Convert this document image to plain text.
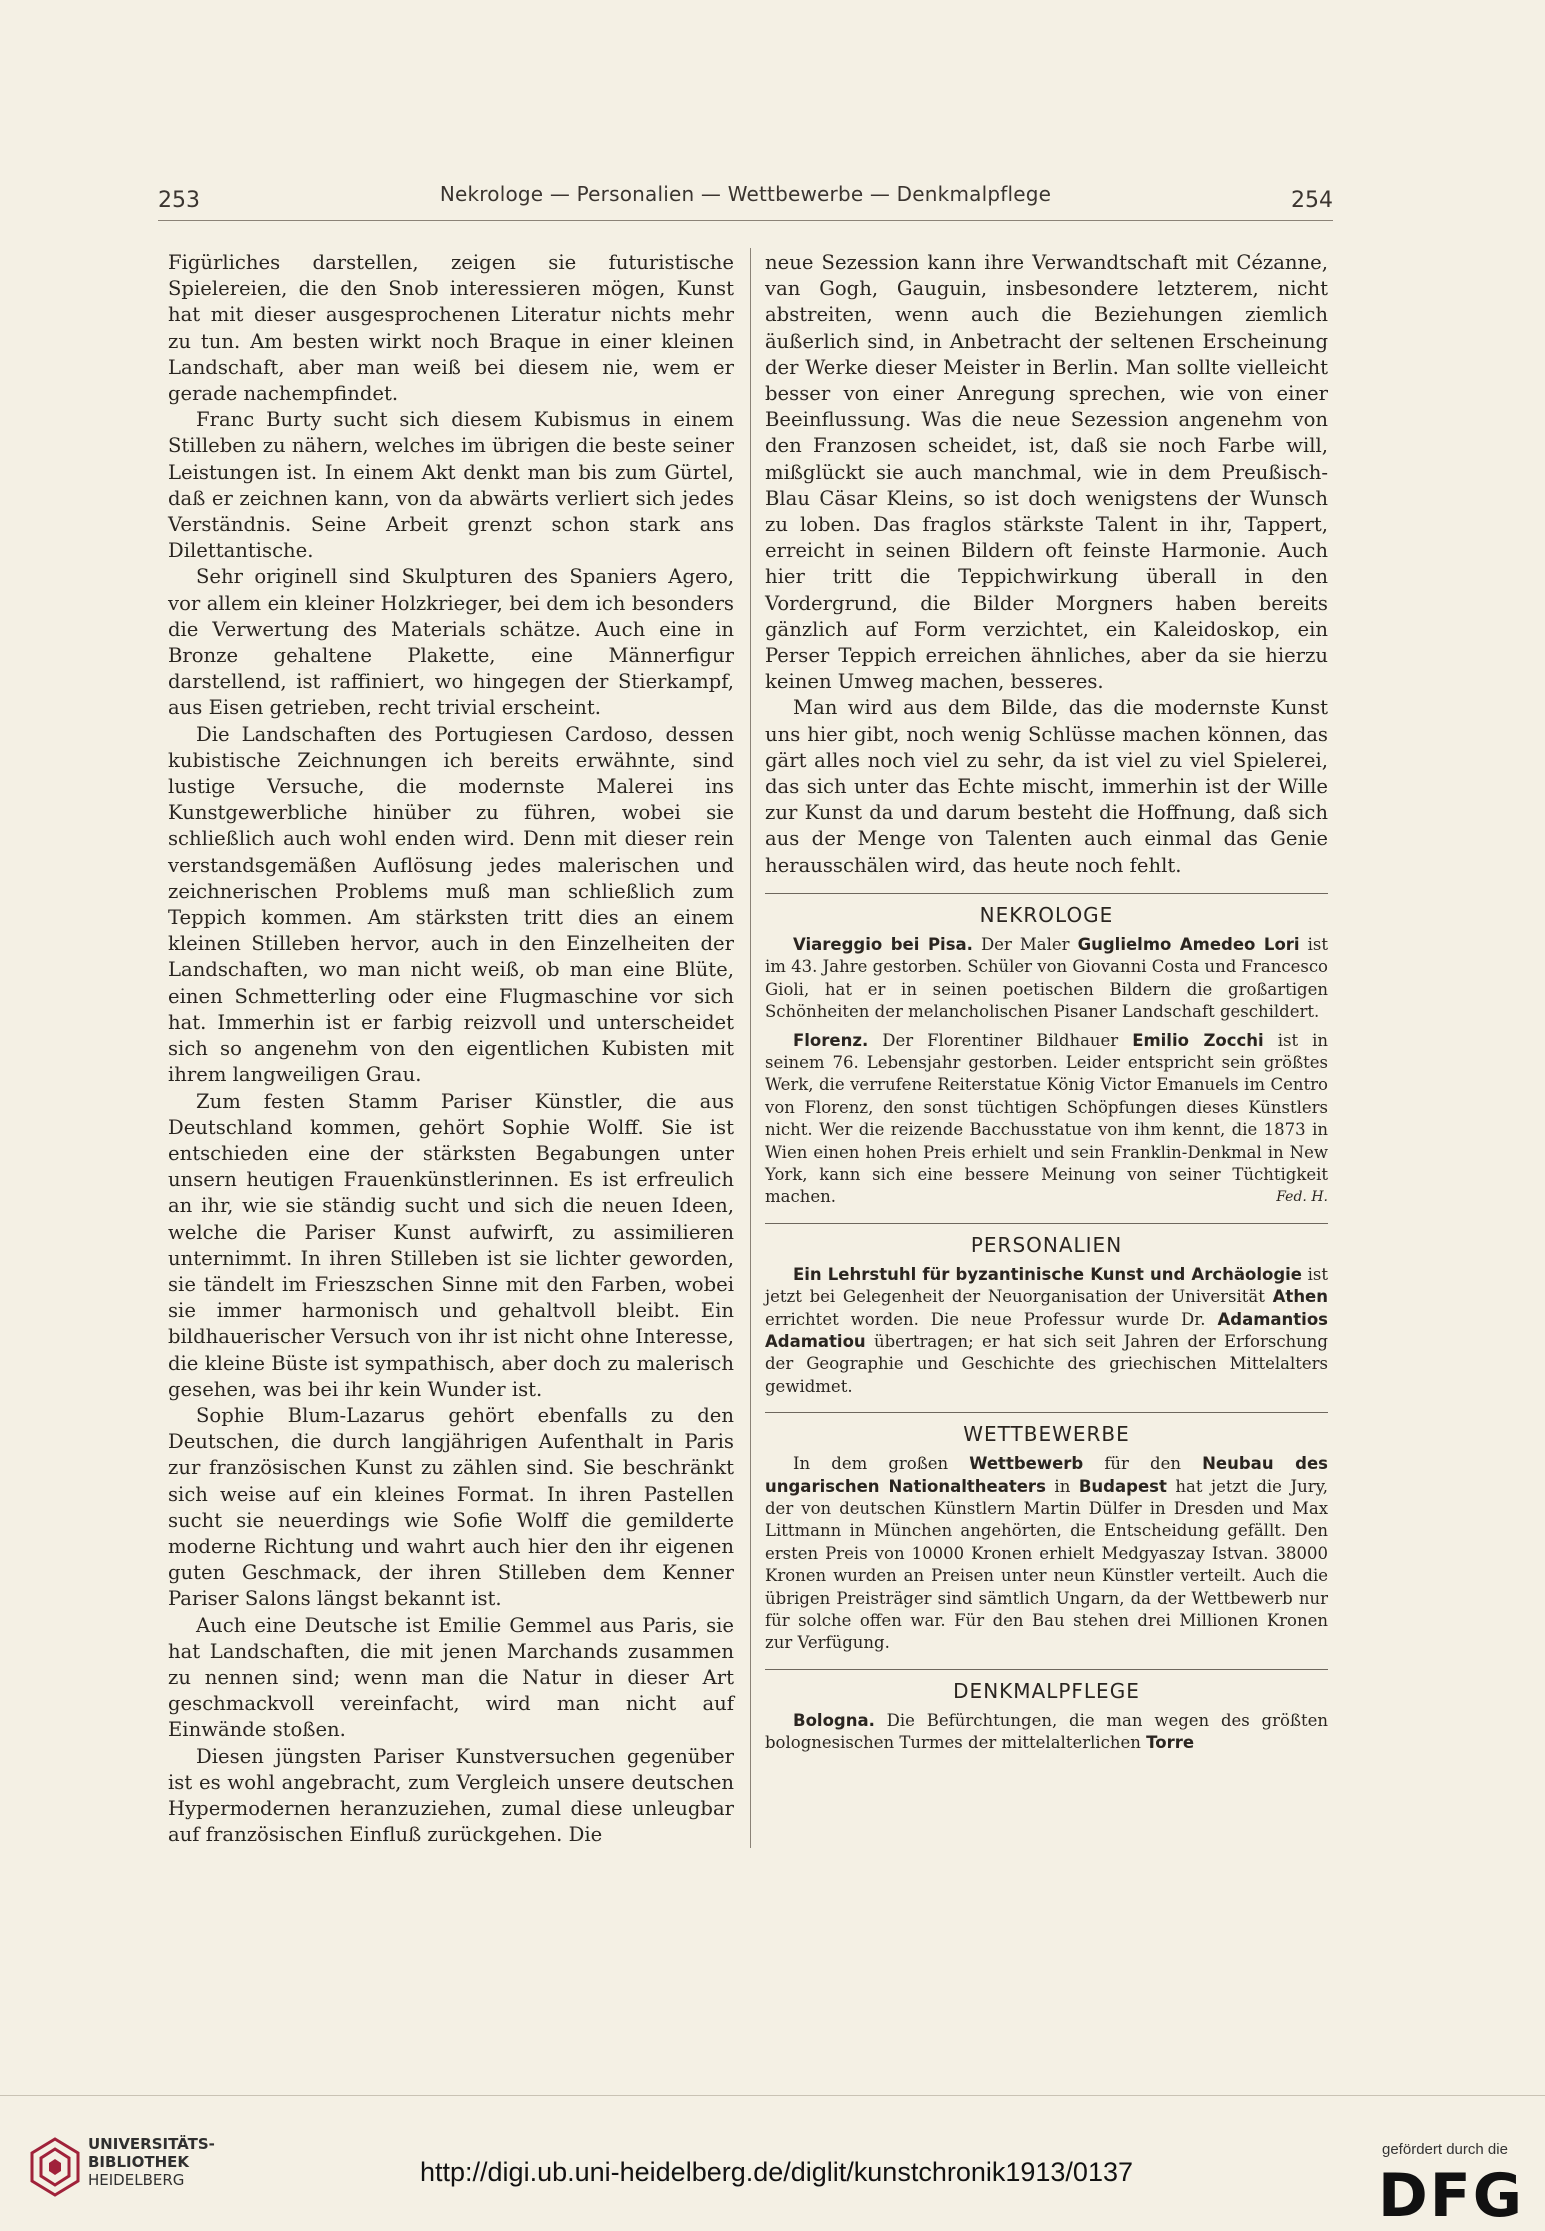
253	Nekrologe — Personalien — Wettbewerbe — Denkmalpflege	254

Figürliches darstellen, zeigen sie futuristische Spielereien, die den Snob interessieren mögen, Kunst hat mit dieser ausgesprochenen Literatur nichts mehr zu tun. Am besten wirkt noch Braque in einer kleinen Landschaft, aber man weiß bei diesem nie, wem er gerade nachempfindet.

Franc Burty sucht sich diesem Kubismus in einem Stilleben zu nähern, welches im übrigen die beste seiner Leistungen ist. In einem Akt denkt man bis zum Gürtel, daß er zeichnen kann, von da abwärts verliert sich jedes Verständnis. Seine Arbeit grenzt schon stark ans Dilettantische.

Sehr originell sind Skulpturen des Spaniers Agero, vor allem ein kleiner Holzkrieger, bei dem ich besonders die Verwertung des Materials schätze. Auch eine in Bronze gehaltene Plakette, eine Männerfigur darstellend, ist raffiniert, wo hingegen der Stierkampf, aus Eisen getrieben, recht trivial erscheint.

Die Landschaften des Portugiesen Cardoso, dessen kubistische Zeichnungen ich bereits erwähnte, sind lustige Versuche, die modernste Malerei ins Kunstgewerbliche hinüber zu führen, wobei sie schließlich auch wohl enden wird. Denn mit dieser rein verstandsgemäßen Auflösung jedes malerischen und zeichnerischen Problems muß man schließlich zum Teppich kommen. Am stärksten tritt dies an einem kleinen Stilleben hervor, auch in den Einzelheiten der Landschaften, wo man nicht weiß, ob man eine Blüte, einen Schmetterling oder eine Flugmaschine vor sich hat. Immerhin ist er farbig reizvoll und unterscheidet sich so angenehm von den eigentlichen Kubisten mit ihrem langweiligen Grau.

Zum festen Stamm Pariser Künstler, die aus Deutschland kommen, gehört Sophie Wolff. Sie ist entschieden eine der stärksten Begabungen unter unsern heutigen Frauenkünstlerinnen. Es ist erfreulich an ihr, wie sie ständig sucht und sich die neuen Ideen, welche die Pariser Kunst aufwirft, zu assimilieren unternimmt. In ihren Stilleben ist sie lichter geworden, sie tändelt im Frieszschen Sinne mit den Farben, wobei sie immer harmonisch und gehaltvoll bleibt. Ein bildhauerischer Versuch von ihr ist nicht ohne Interesse, die kleine Büste ist sympathisch, aber doch zu malerisch gesehen, was bei ihr kein Wunder ist.

Sophie Blum-Lazarus gehört ebenfalls zu den Deutschen, die durch langjährigen Aufenthalt in Paris zur französischen Kunst zu zählen sind. Sie beschränkt sich weise auf ein kleines Format. In ihren Pastellen sucht sie neuerdings wie Sofie Wolff die gemilderte moderne Richtung und wahrt auch hier den ihr eigenen guten Geschmack, der ihren Stilleben dem Kenner Pariser Salons längst bekannt ist.

Auch eine Deutsche ist Emilie Gemmel aus Paris, sie hat Landschaften, die mit jenen Marchands zusammen zu nennen sind; wenn man die Natur in dieser Art geschmackvoll vereinfacht, wird man nicht auf Einwände stoßen.

Diesen jüngsten Pariser Kunstversuchen gegenüber ist es wohl angebracht, zum Vergleich unsere deutschen Hypermodernen heranzuziehen, zumal diese unleugbar auf französischen Einfluß zurückgehen. Die

neue Sezession kann ihre Verwandtschaft mit Cézanne, van Gogh, Gauguin, insbesondere letzterem, nicht abstreiten, wenn auch die Beziehungen ziemlich äußerlich sind, in Anbetracht der seltenen Erscheinung der Werke dieser Meister in Berlin. Man sollte vielleicht besser von einer Anregung sprechen, wie von einer Beeinflussung. Was die neue Sezession angenehm von den Franzosen scheidet, ist, daß sie noch Farbe will, mißglückt sie auch manchmal, wie in dem Preußisch-Blau Cäsar Kleins, so ist doch wenigstens der Wunsch zu loben. Das fraglos stärkste Talent in ihr, Tappert, erreicht in seinen Bildern oft feinste Harmonie. Auch hier tritt die Teppichwirkung überall in den Vordergrund, die Bilder Morgners haben bereits gänzlich auf Form verzichtet, ein Kaleidoskop, ein Perser Teppich erreichen ähnliches, aber da sie hierzu keinen Umweg machen, besseres.

Man wird aus dem Bilde, das die modernste Kunst uns hier gibt, noch wenig Schlüsse machen können, das gärt alles noch viel zu sehr, da ist viel zu viel Spielerei, das sich unter das Echte mischt, immerhin ist der Wille zur Kunst da und darum besteht die Hoffnung, daß sich aus der Menge von Talenten auch einmal das Genie herausschälen wird, das heute noch fehlt.

NEKROLOGE

Viareggio bei Pisa. Der Maler Guglielmo Amedeo Lori ist im 43. Jahre gestorben. Schüler von Giovanni Costa und Francesco Gioli, hat er in seinen poetischen Bildern die großartigen Schönheiten der melancholischen Pisaner Landschaft geschildert.

Florenz. Der Florentiner Bildhauer Emilio Zocchi ist in seinem 76. Lebensjahr gestorben. Leider entspricht sein größtes Werk, die verrufene Reiterstatue König Victor Emanuels im Centro von Florenz, den sonst tüchtigen Schöpfungen dieses Künstlers nicht. Wer die reizende Bacchusstatue von ihm kennt, die 1873 in Wien einen hohen Preis erhielt und sein Franklin-Denkmal in New York, kann sich eine bessere Meinung von seiner Tüchtigkeit machen.	Fed. H.

PERSONALIEN

Ein Lehrstuhl für byzantinische Kunst und Archäologie ist jetzt bei Gelegenheit der Neuorganisation der Universität Athen errichtet worden. Die neue Professur wurde Dr. Adamantios Adamatiou übertragen; er hat sich seit Jahren der Erforschung der Geographie und Geschichte des griechischen Mittelalters gewidmet.

WETTBEWERBE

In dem großen Wettbewerb für den Neubau des ungarischen Nationaltheaters in Budapest hat jetzt die Jury, der von deutschen Künstlern Martin Dülfer in Dresden und Max Littmann in München angehörten, die Entscheidung gefällt. Den ersten Preis von 10000 Kronen erhielt Medgyaszay Istvan. 38000 Kronen wurden an Preisen unter neun Künstler verteilt. Auch die übrigen Preisträger sind sämtlich Ungarn, da der Wettbewerb nur für solche offen war. Für den Bau stehen drei Millionen Kronen zur Verfügung.

DENKMALPFLEGE

Bologna. Die Befürchtungen, die man wegen des größten bolognesischen Turmes der mittelalterlichen Torre

UNIVERSITÄTS-
BIBLIOTHEK
HEIDELBERG	http://digi.ub.uni-heidelberg.de/diglit/kunstchronik1913/0137
gefördert durch die
DFG
